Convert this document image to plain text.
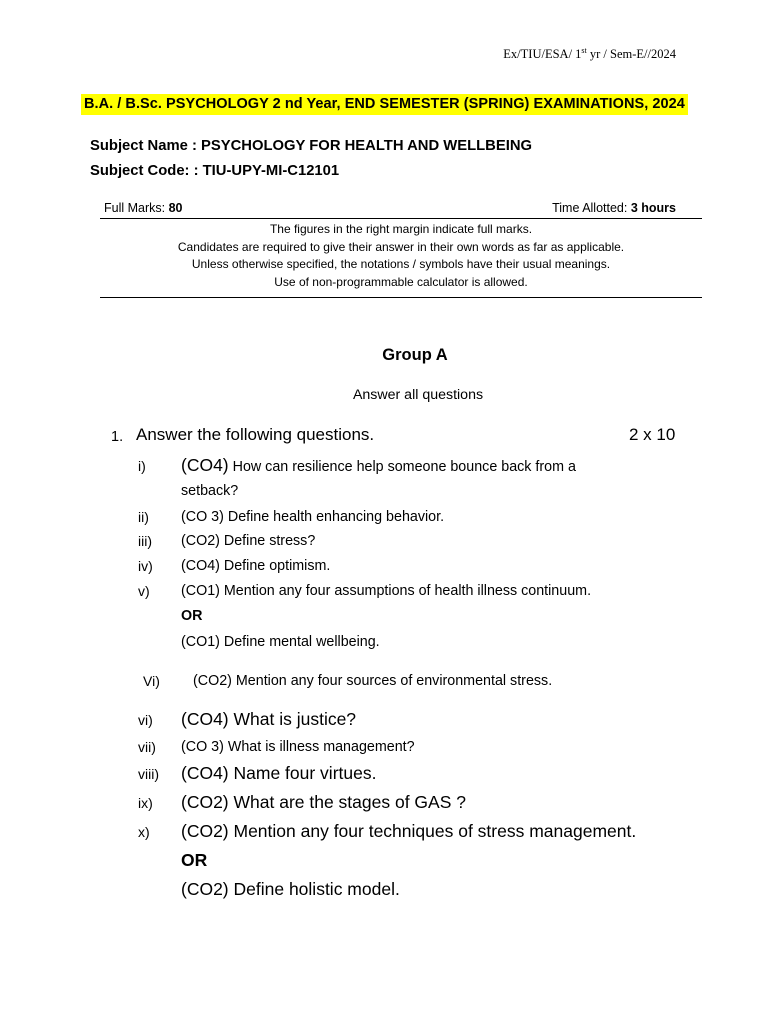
Ex/TIU/ESA/ 1st yr / Sem-E//2024
B.A. / B.Sc. PSYCHOLOGY 2 nd Year, END SEMESTER (SPRING) EXAMINATIONS, 2024
Subject Name : PSYCHOLOGY FOR HEALTH AND WELLBEING
Subject Code: : TIU-UPY-MI-C12101
Full Marks: 80	Time Allotted: 3 hours
The figures in the right margin indicate full marks.
Candidates are required to give their answer in their own words as far as applicable.
Unless otherwise specified, the notations / symbols have their usual meanings.
Use of non-programmable calculator is allowed.
Group A
Answer all questions
1. Answer the following questions.	2 x 10
i) (CO4) How can resilience help someone bounce back from a
setback?
ii) (CO 3) Define health enhancing behavior.
iii) (CO2) Define stress?
iv) (CO4) Define optimism.
v) (CO1) Mention any four assumptions of health illness continuum.
OR
(CO1) Define mental wellbeing.
Vi) (CO2) Mention any four sources of environmental stress.
vi) (CO4) What is justice?
vii) (CO 3) What is illness management?
viii) (CO4) Name four virtues.
ix) (CO2) What are the stages of GAS ?
x) (CO2) Mention any four techniques of stress management.
OR
(CO2) Define holistic model.
